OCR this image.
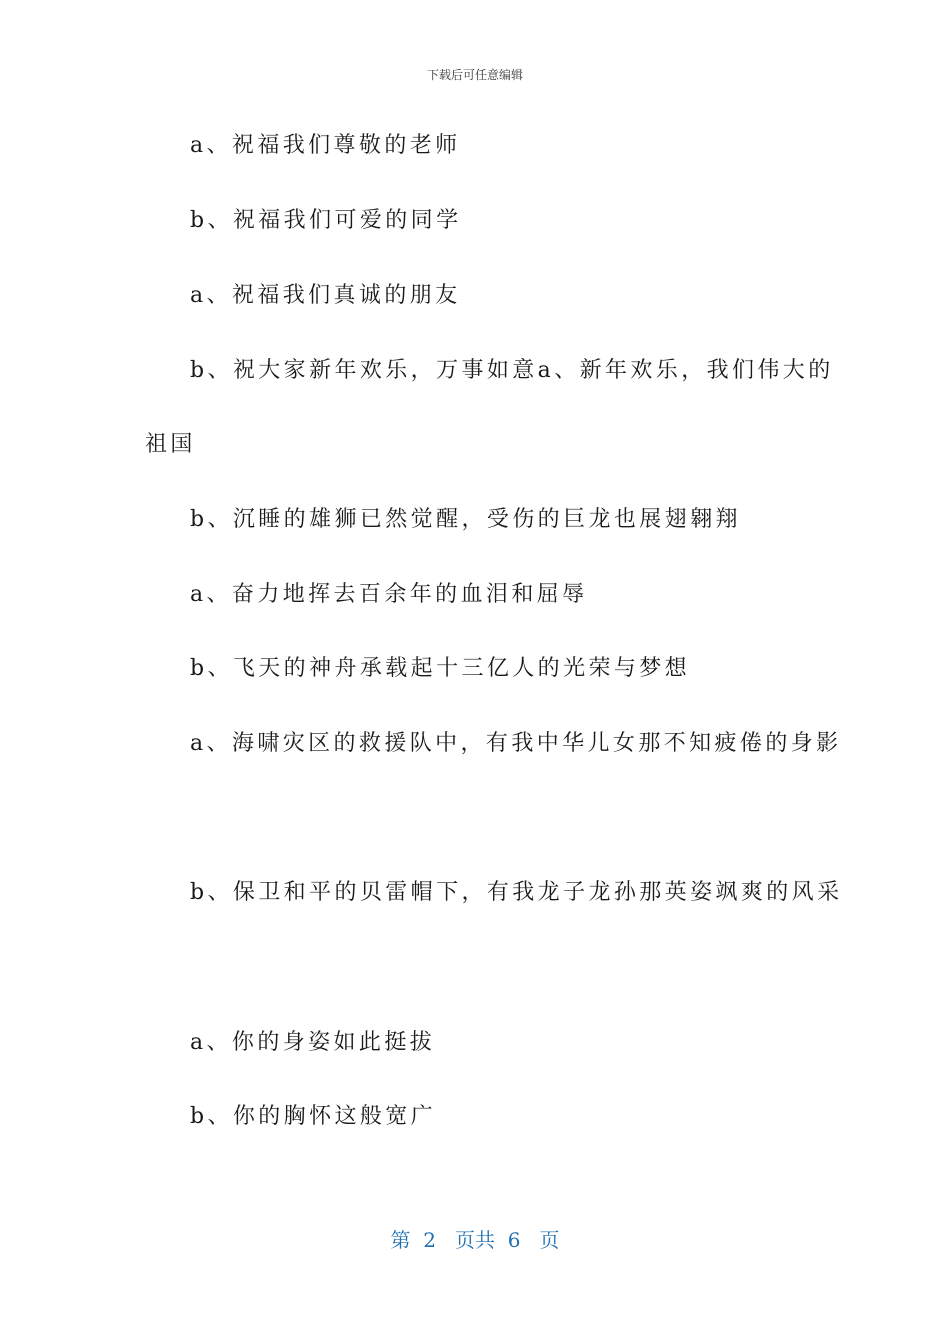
下载后可任意编辑
a、祝福我们尊敬的老师
b、祝福我们可爱的同学
a、祝福我们真诚的朋友
b、祝大家新年欢乐，万事如意a、新年欢乐，我们伟大的
祖国
b、沉睡的雄狮已然觉醒，受伤的巨龙也展翅翱翔
a、奋力地挥去百余年的血泪和屈辱
b、飞天的神舟承载起十三亿人的光荣与梦想
a、海啸灾区的救援队中，有我中华儿女那不知疲倦的身影
b、保卫和平的贝雷帽下，有我龙子龙孙那英姿飒爽的风采
a、你的身姿如此挺拔
b、你的胸怀这般宽广
第 2 页共 6 页
